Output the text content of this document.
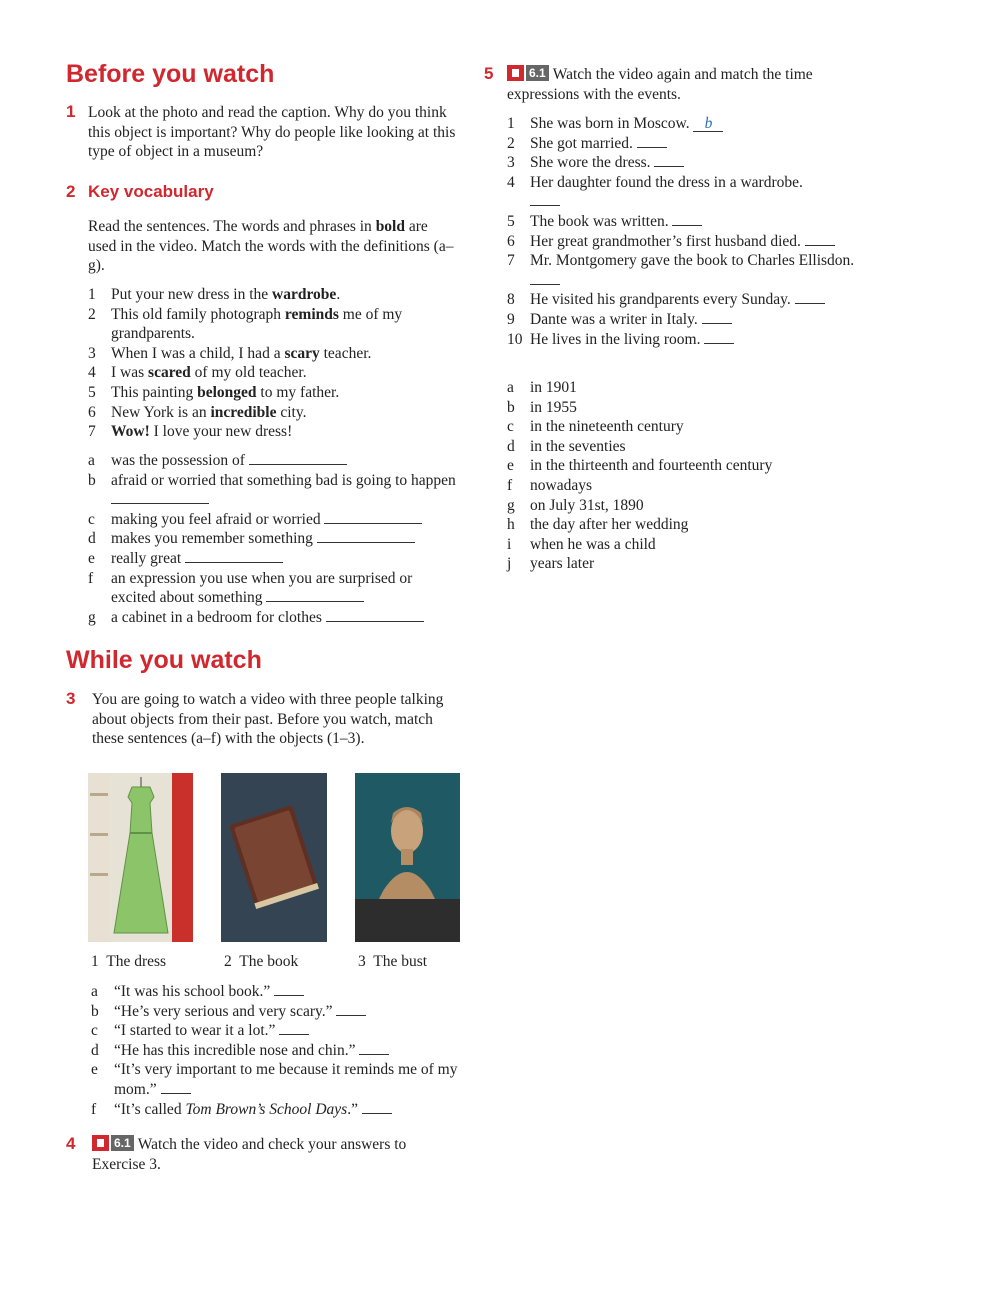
Before you watch
1 Look at the photo and read the caption. Why do you think this object is important? Why do people like looking at this type of object in a museum?
2 Key vocabulary
Read the sentences. The words and phrases in bold are used in the video. Match the words with the definitions (a–g).
1 Put your new dress in the wardrobe.
2 This old family photograph reminds me of my grandparents.
3 When I was a child, I had a scary teacher.
4 I was scared of my old teacher.
5 This painting belonged to my father.
6 New York is an incredible city.
7 Wow! I love your new dress!
a was the possession of
b afraid or worried that something bad is going to happen
c making you feel afraid or worried
d makes you remember something
e really great
f an expression you use when you are surprised or excited about something
g a cabinet in a bedroom for clothes
While you watch
3 You are going to watch a video with three people talking about objects from their past. Before you watch, match these sentences (a–f) with the objects (1–3).
1 The dress	2 The book	3 The bust
a “It was his school book.”
b “He’s very serious and very scary.”
c “I started to wear it a lot.”
d “He has this incredible nose and chin.”
e “It’s very important to me because it reminds me of my mom.”
f “It’s called Tom Brown’s School Days.”
4	6.1 Watch the video and check your answers to Exercise 3.
5	6.1 Watch the video again and match the time expressions with the events.
1 She was born in Moscow. b
2 She got married.
3 She wore the dress.
4 Her daughter found the dress in a wardrobe.
5 The book was written.
6 Her great grandmother’s first husband died.
7 Mr. Montgomery gave the book to Charles Ellisdon.
8 He visited his grandparents every Sunday.
9 Dante was a writer in Italy.
10 He lives in the living room.
a in 1901
b in 1955
c in the nineteenth century
d in the seventies
e in the thirteenth and fourteenth century
f nowadays
g on July 31st, 1890
h the day after her wedding
i when he was a child
j years later
